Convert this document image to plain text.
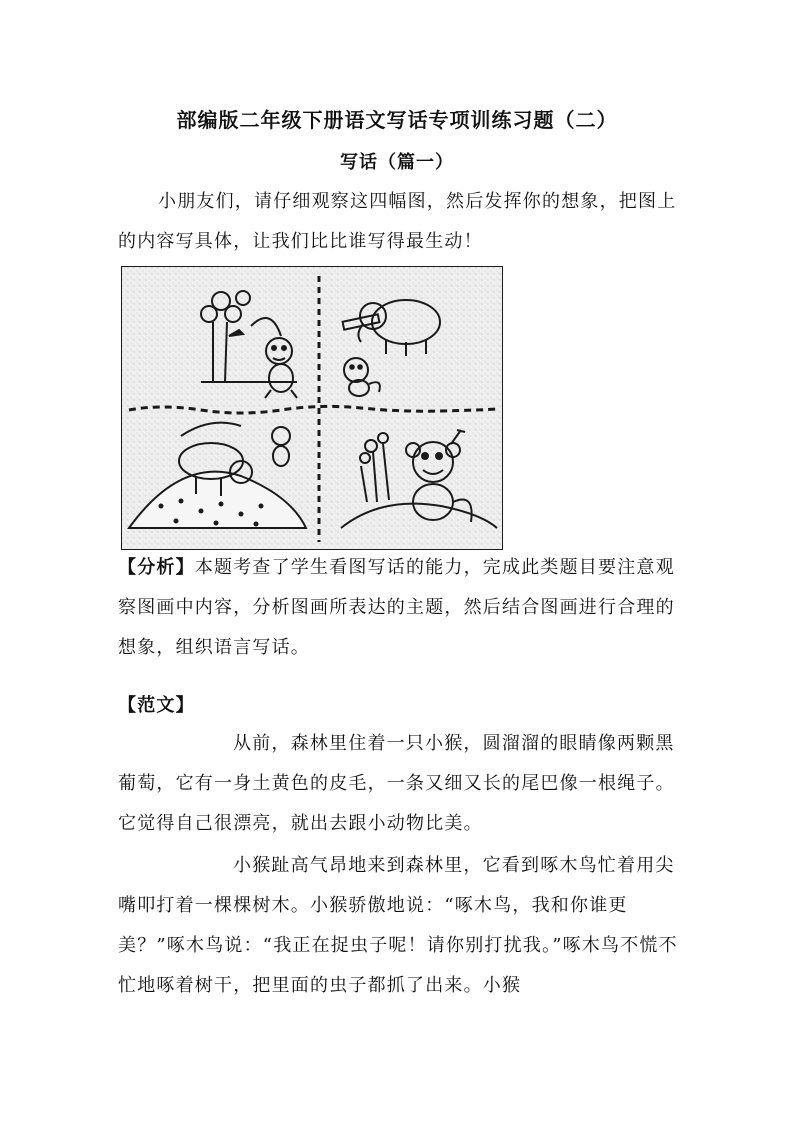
部编版二年级下册语文写话专项训练习题（二）
写话（篇一）

小朋友们，请仔细观察这四幅图，然后发挥你的想象，把图上的内容写具体，让我们比比谁写得最生动！

【分析】本题考查了学生看图写话的能力，完成此类题目要注意观察图画中内容，分析图画所表达的主题，然后结合图画进行合理的想象，组织语言写话。

【范文】

从前，森林里住着一只小猴，圆溜溜的眼睛像两颗黑葡萄，它有一身土黄色的皮毛，一条又细又长的尾巴像一根绳子。它觉得自己很漂亮，就出去跟小动物比美。

小猴趾高气昂地来到森林里，它看到啄木鸟忙着用尖嘴叩打着一棵棵树木。小猴骄傲地说：“啄木鸟，我和你谁更美？”啄木鸟说：“我正在捉虫子呢！请你别打扰我。”啄木鸟不慌不忙地啄着树干，把里面的虫子都抓了出来。小猴
